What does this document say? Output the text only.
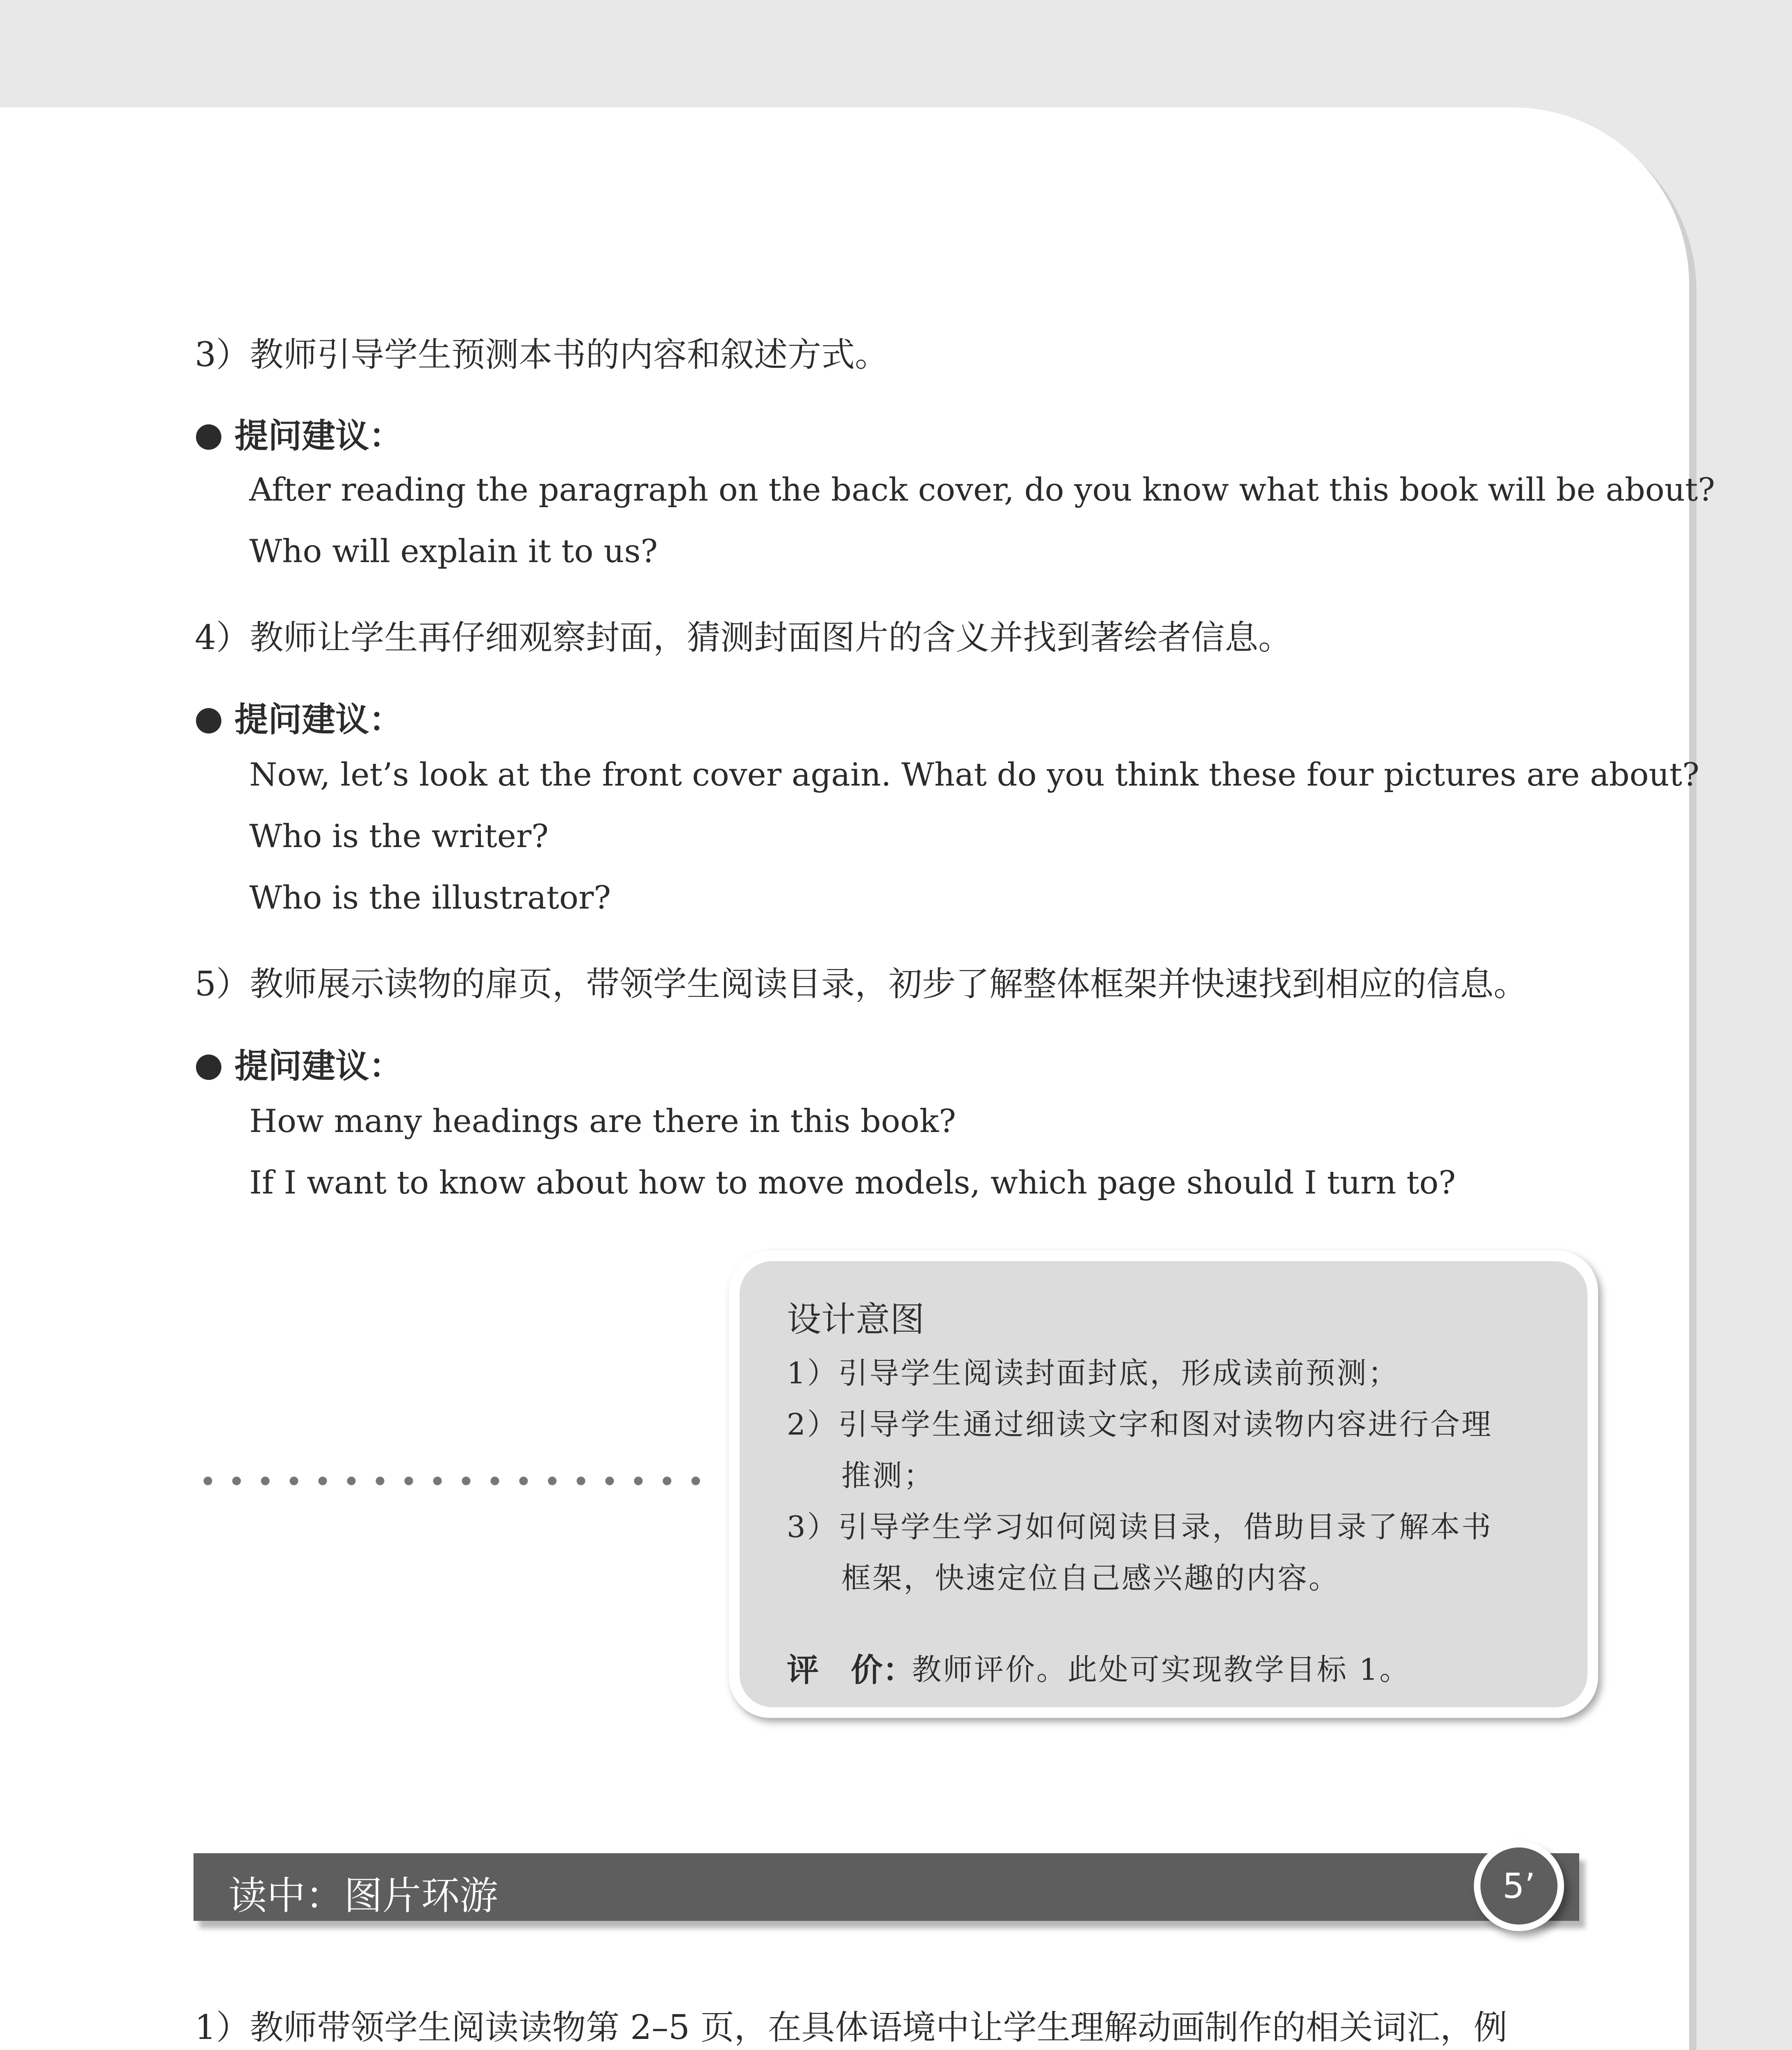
3）教师引导学生预测本书的内容和叙述方式。
提问建议：
After reading the paragraph on the back cover, do you know what this book will be about?
Who will explain it to us?
4）教师让学生再仔细观察封面，猜测封面图片的含义并找到著绘者信息。
提问建议：
Now, let’s look at the front cover again. What do you think these four pictures are about?
Who is the writer?
Who is the illustrator?
5）教师展示读物的扉页，带领学生阅读目录，初步了解整体框架并快速找到相应的信息。
提问建议：
How many headings are there in this book?
If I want to know about how to move models, which page should I turn to?
设计意图
1）引导学生阅读封面封底，形成读前预测；
2）引导学生通过细读文字和图对读物内容进行合理
推测；
3）引导学生学习如何阅读目录，借助目录了解本书
框架，快速定位自己感兴趣的内容。
评　价：
教师评价。此处可实现教学目标 1。
读中：图片环游	5’
1）教师带领学生阅读读物第 2–5 页，在具体语境中让学生理解动画制作的相关词汇，例
